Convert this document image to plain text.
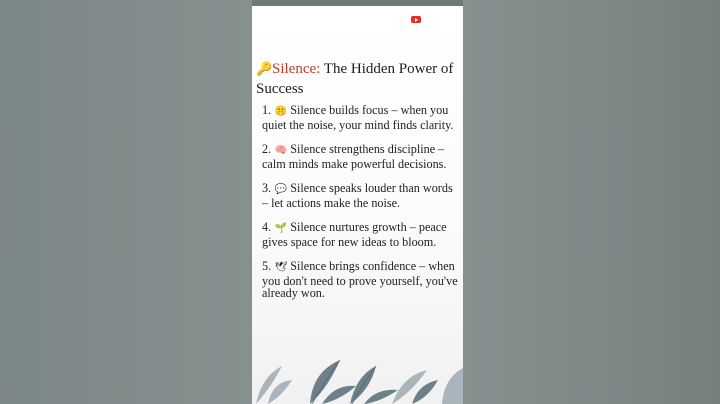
🔑Silence: The Hidden Power of Success
1. 🤫 Silence builds focus – when you quiet the noise, your mind finds clarity.
2. 🧠 Silence strengthens discipline – calm minds make powerful decisions.
3. 💬 Silence speaks louder than words – let actions make the noise.
4. 🌱 Silence nurtures growth – peace gives space for new ideas to bloom.
5. 🕊 Silence brings confidence – when you don't need to prove yourself, you've already won.
